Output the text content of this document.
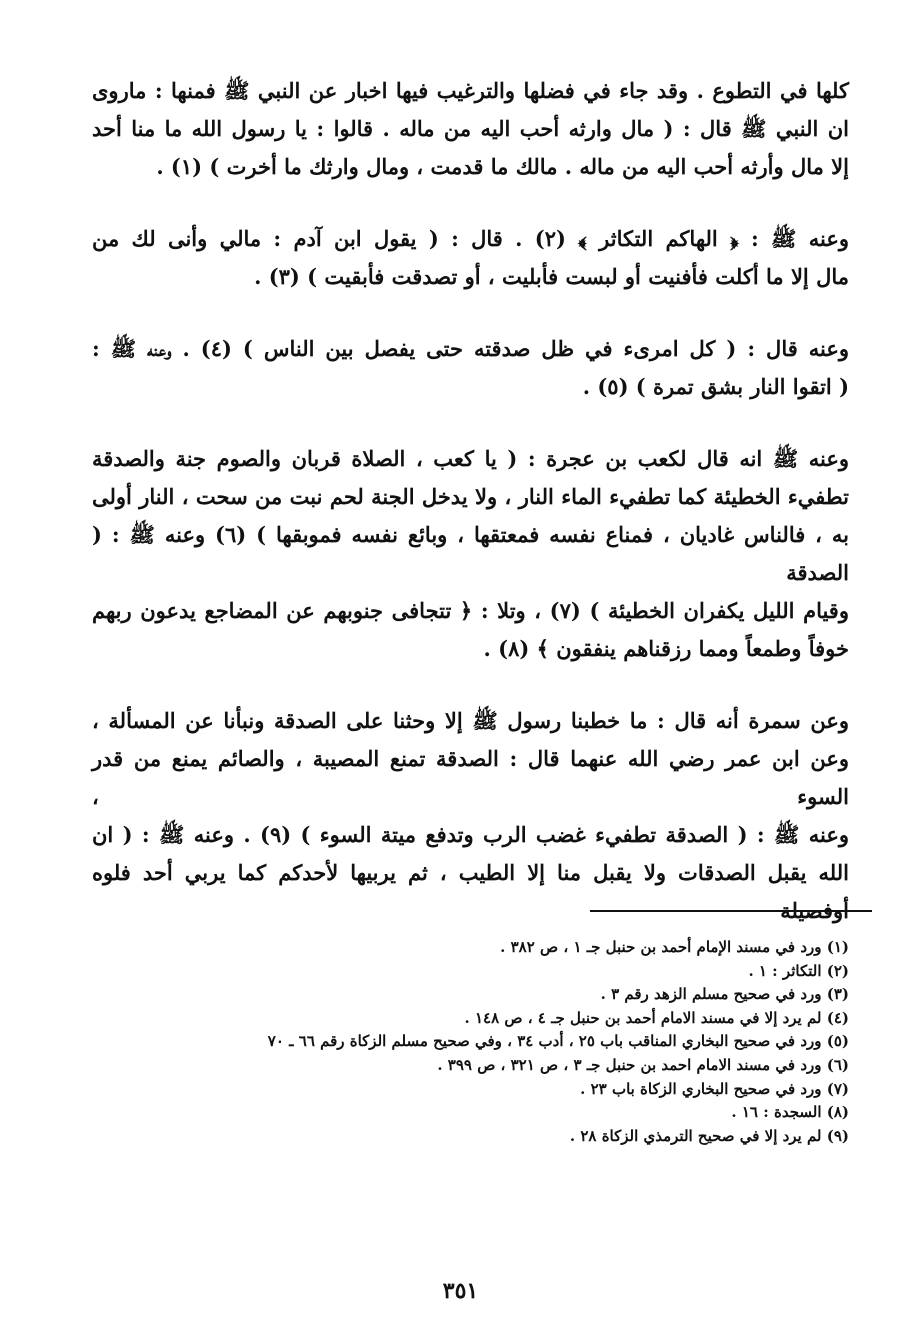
كلها في التطوع . وقد جاء في فضلها والترغيب فيها اخبار عن النبي ﷺ فمنها : ماروى
ان النبي ﷺ قال : ( مال وارثه أحب اليه من ماله . قالوا : يا رسول الله ما منا أحد
إلا مال وأرثه أحب اليه من ماله . مالك ما قدمت ، ومال وارثك ما أخرت ) (١) .

وعنه ﷺ : ﴿ الهاكم التكاثر ﴾ (٢) . قال : ( يقول ابن آدم : مالي وأنى لك من
مال إلا ما أكلت فأفنيت أو لبست فأبليت ، أو تصدقت فأبقيت ) (٣) .

وعنه قال : ( كل امرىء في ظل صدقته حتى يفصل بين الناس ) (٤) . وعنه ﷺ :
( اتقوا النار بشق تمرة ) (٥) .

وعنه ﷺ انه قال لكعب بن عجرة : ( يا كعب ، الصلاة قربان والصوم جنة والصدقة
تطفيء الخطيئة كما تطفيء الماء النار ، ولا يدخل الجنة لحم نبت من سحت ، النار أولى
به ، فالناس غاديان ، فمناع نفسه فمعتقها ، وبائع نفسه فموبقها ) (٦) وعنه ﷺ : ( الصدقة
وقيام الليل يكفران الخطيئة ) (٧) ، وتلا : ﴿ تتجافى جنوبهم عن المضاجع يدعون ربهم
خوفاً وطمعاً ومما رزقناهم ينفقون ﴾ (٨) .

وعن سمرة أنه قال : ما خطبنا رسول ﷺ إلا وحثنا على الصدقة ونبأنا عن المسألة ،
وعن ابن عمر رضي الله عنهما قال : الصدقة تمنع المصيبة ، والصائم يمنع من قدر السوء ،
وعنه ﷺ : ( الصدقة تطفيء غضب الرب وتدفع ميتة السوء ) (٩) . وعنه ﷺ : ( ان
الله يقبل الصدقات ولا يقبل منا إلا الطيب ، ثم يربيها لأحدكم كما يربي أحد فلوه أوفصيلة

(١) ورد في مسند الإمام أحمد بن حنبل جـ ١ ، ص ٣٨٢ .
(٢) التكاثر : ١ .
(٣) ورد في صحيح مسلم الزهد رقم ٣ .
(٤) لم يرد إلا في مسند الامام أحمد بن حنبل جـ ٤ ، ص ١٤٨ .
(٥) ورد في صحيح البخاري المناقب باب ٢٥ ، أدب ٣٤ ، وفي صحيح مسلم الزكاة رقم ٦٦ ـ ٧٠
(٦) ورد في مسند الامام احمد بن حنبل جـ ٣ ، ص ٣٢١ ، ص ٣٩٩ .
(٧) ورد في صحيح البخاري الزكاة باب ٢٣ .
(٨) السجدة : ١٦ .
(٩) لم يرد إلا في صحيح الترمذي الزكاة ٢٨ .
٣٥١
